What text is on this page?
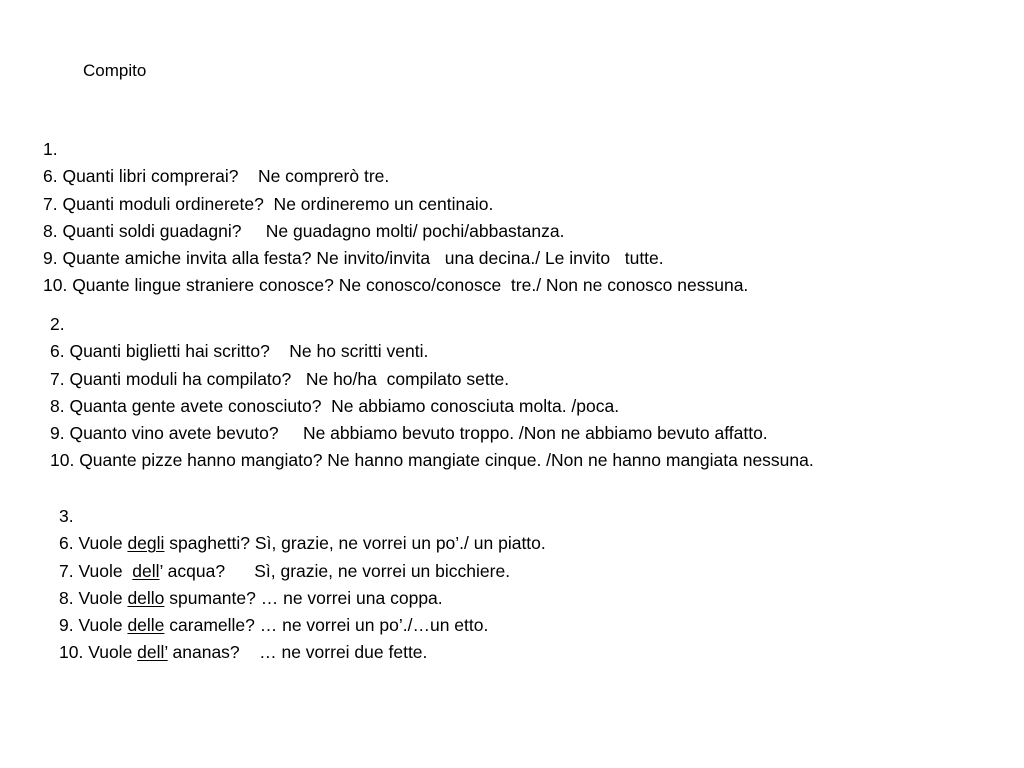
Compito
1.
6. Quanti libri comprerai?    Ne comprerò tre.
7. Quanti moduli ordinerete?  Ne ordineremo un centinaio.
8. Quanti soldi guadagni?     Ne guadagno molti/ pochi/abbastanza.
9. Quante amiche invita alla festa? Ne invito/invita   una decina./ Le invito   tutte.
10. Quante lingue straniere conosce? Ne conosco/conosce  tre./ Non ne conosco nessuna.
2.
6. Quanti biglietti hai scritto?    Ne ho scritti venti.
7. Quanti moduli ha compilato?   Ne ho/ha  compilato sette.
8. Quanta gente avete conosciuto?  Ne abbiamo conosciuta molta. /poca.
9. Quanto vino avete bevuto?     Ne abbiamo bevuto troppo. /Non ne abbiamo bevuto affatto.
10. Quante pizze hanno mangiato? Ne hanno mangiate cinque. /Non ne hanno mangiata nessuna.
3.
6. Vuole degli spaghetti? Sì, grazie, ne vorrei un po’./ un piatto.
7. Vuole  dell’ acqua?      Sì, grazie, ne vorrei un bicchiere.
8. Vuole dello spumante? … ne vorrei una coppa.
9. Vuole delle caramelle? … ne vorrei un po’./…un etto.
10. Vuole dell’ ananas?    … ne vorrei due fette.
